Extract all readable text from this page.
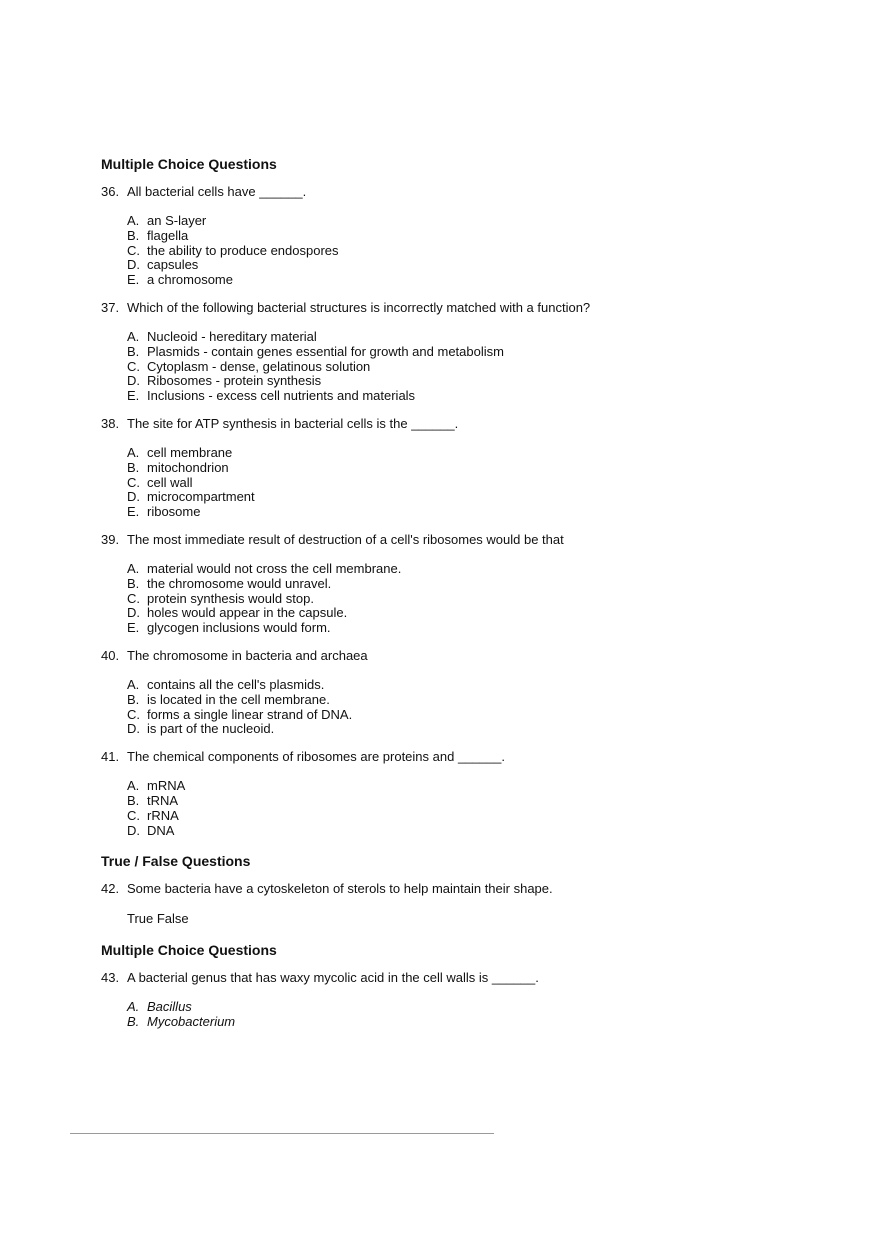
Multiple Choice Questions
36. All bacterial cells have ______.
A. an S-layer
B. flagella
C. the ability to produce endospores
D. capsules
E. a chromosome
37. Which of the following bacterial structures is incorrectly matched with a function?
A. Nucleoid - hereditary material
B. Plasmids - contain genes essential for growth and metabolism
C. Cytoplasm - dense, gelatinous solution
D. Ribosomes - protein synthesis
E. Inclusions - excess cell nutrients and materials
38. The site for ATP synthesis in bacterial cells is the ______.
A. cell membrane
B. mitochondrion
C. cell wall
D. microcompartment
E. ribosome
39. The most immediate result of destruction of a cell's ribosomes would be that
A. material would not cross the cell membrane.
B. the chromosome would unravel.
C. protein synthesis would stop.
D. holes would appear in the capsule.
E. glycogen inclusions would form.
40. The chromosome in bacteria and archaea
A. contains all the cell's plasmids.
B. is located in the cell membrane.
C. forms a single linear strand of DNA.
D. is part of the nucleoid.
41. The chemical components of ribosomes are proteins and ______.
A. mRNA
B. tRNA
C. rRNA
D. DNA
True / False Questions
42. Some bacteria have a cytoskeleton of sterols to help maintain their shape.
True False
Multiple Choice Questions
43. A bacterial genus that has waxy mycolic acid in the cell walls is ______.
A. Bacillus
B. Mycobacterium
